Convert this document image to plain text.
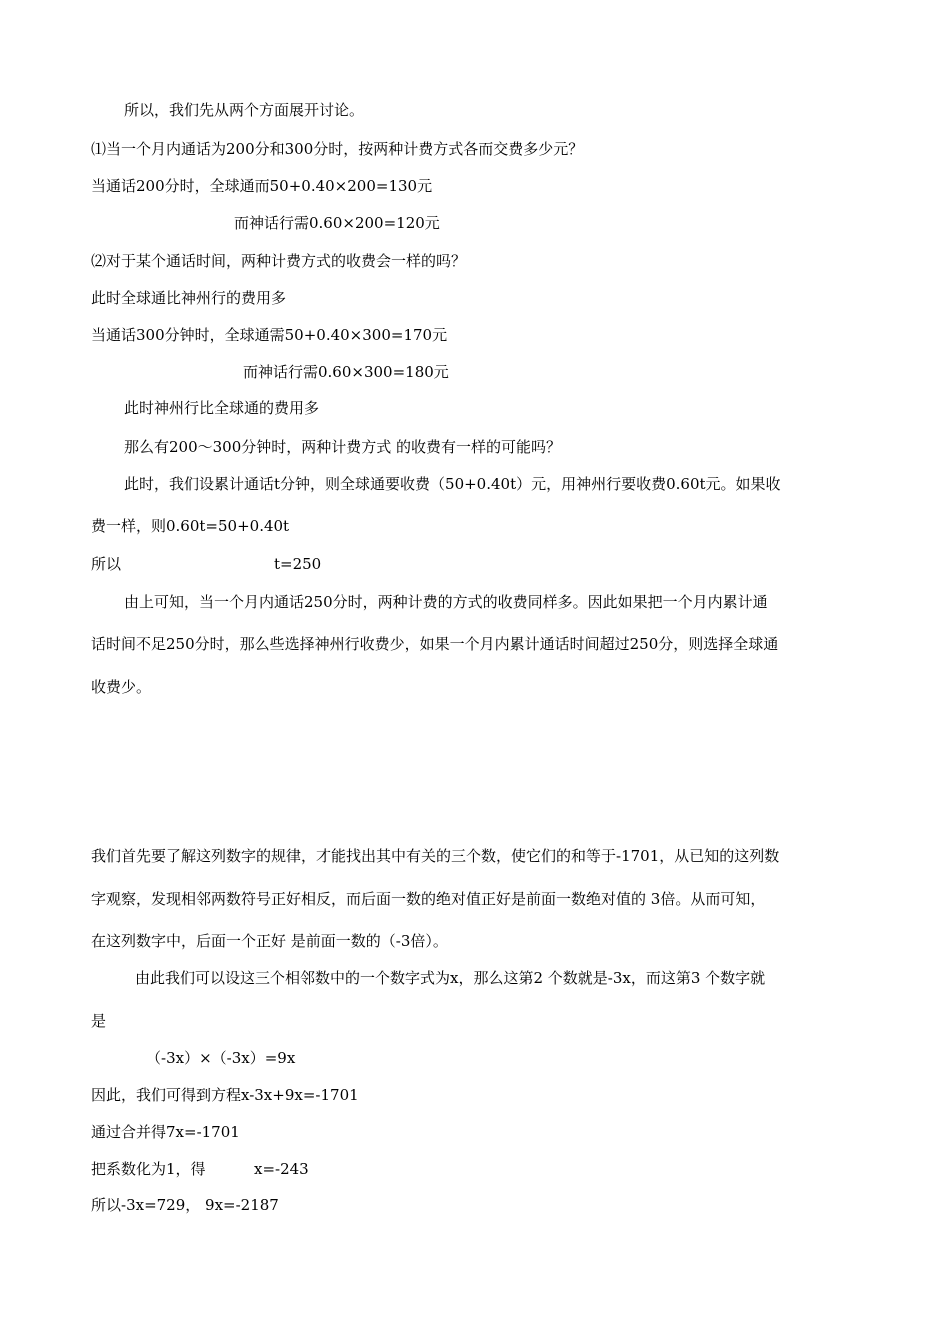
所以，我们先从两个方面展开讨论。
⑴当一个月内通话为200分和300分时，按两种计费方式各而交费多少元？
当通话200分时，全球通而50+0.40×200=130元
而神话行需0.60×200=120元
⑵对于某个通话时间，两种计费方式的收费会一样的吗？
此时全球通比神州行的费用多
当通话300分钟时，全球通需50+0.40×300=170元
而神话行需0.60×300=180元
此时神州行比全球通的费用多
那么有200～300分钟时，两种计费方式 的收费有一样的可能吗？
此时，我们设累计通话t分钟，则全球通要收费（50+0.40t）元，用神州行要收费0.60t元。如果收
费一样，则0.60t=50+0.40t
所以	t=250
由上可知，当一个月内通话250分时，两种计费的方式的收费同样多。因此如果把一个月内累计通
话时间不足250分时，那么些选择神州行收费少，如果一个月内累计通话时间超过250分，则选择全球通
收费少。
我们首先要了解这列数字的规律，才能找出其中有关的三个数，使它们的和等于-1701，从已知的这列数
字观察，发现相邻两数符号正好相反，而后面一数的绝对值正好是前面一数绝对值的 3倍。从而可知，
在这列数字中，后面一个正好 是前面一数的（-3倍）。
由此我们可以设这三个相邻数中的一个数字式为x，那么这第2 个数就是-3x，而这第3 个数字就
是
（-3x）×（-3x）=9x
因此，我们可得到方程x-3x+9x=-1701
通过合并得7x=-1701
把系数化为1，得	x=-243
所以-3x=729， 9x=-2187
